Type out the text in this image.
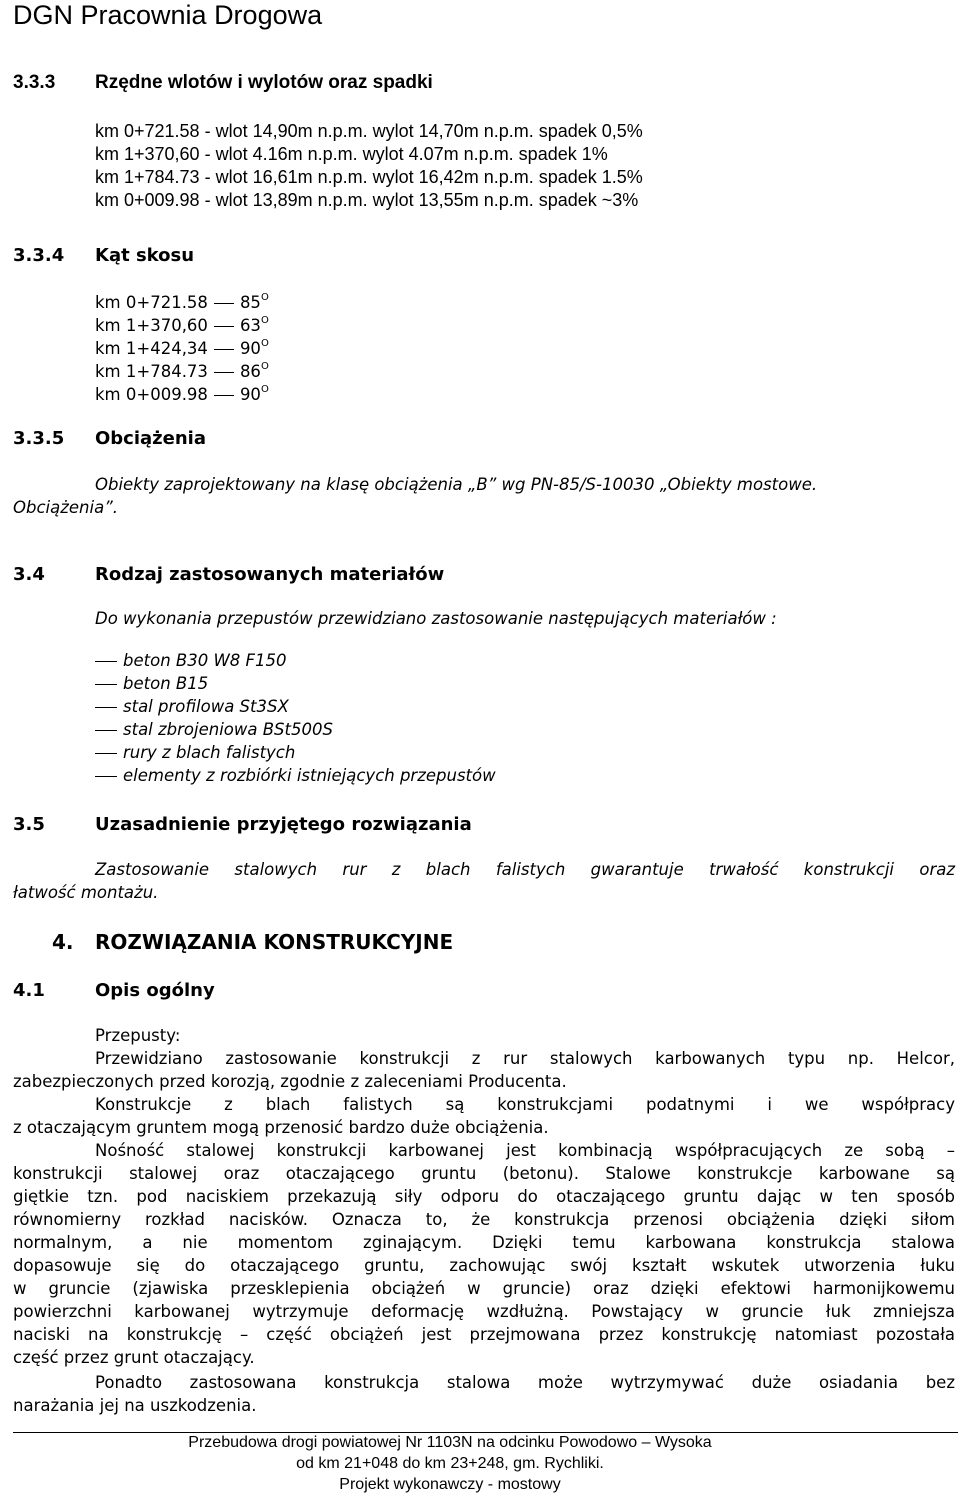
DGN Pracownia Drogowa
3.3.3 Rzędne wlotów i wylotów oraz spadki
km 0+721.58 - wlot 14,90m n.p.m. wylot 14,70m n.p.m. spadek 0,5%
km 1+370,60 - wlot 4.16m n.p.m. wylot 4.07m n.p.m. spadek 1%
km 1+784.73 - wlot 16,61m n.p.m. wylot 16,42m n.p.m. spadek 1.5%
km 0+009.98 - wlot 13,89m n.p.m. wylot 13,55m n.p.m. spadek ~3%
3.3.4 Kąt skosu
km 0+721.58 $85^O$
km 1+370,60 $63^O$
km 1+424,34 $90^O$
km 1+784.73 $86^O$
km 0+009.98 $90^O$
3.3.5 Obciążenia
Obiekty zaprojektowany na klasę obciążenia „B” wg PN-85/S-10030 „Obiekty mostowe.
Obciążenia”.
3.4	Rodzaj zastosowanych materiałów
Do wykonania przepustów przewidziano zastosowanie następujących materiałów :
beton B30 W8 F150
beton B15
stal profilowa St3SX
stal zbrojeniowa BSt500S
rury z blach falistych
elementy z rozbiórki istniejących przepustów
3.5	Uzasadnienie przyjętego rozwiązania
Zastosowanie stalowych rur z blach falistych gwarantuje trwałość konstrukcji oraz
łatwość montażu.
4. ROZWIĄZANIA KONSTRUKCYJNE
4.1	Opis ogólny
Przepusty:
Przewidziano zastosowanie konstrukcji z rur stalowych karbowanych typu np. Helcor,
zabezpieczonych przed korozją, zgodnie z zaleceniami Producenta.
Konstrukcje z blach falistych są konstrukcjami podatnymi i we współpracy
z otaczającym gruntem mogą przenosić bardzo duże obciążenia.
Nośność stalowej konstrukcji karbowanej jest kombinacją współpracujących ze sobą –
konstrukcji stalowej oraz otaczającego gruntu (betonu). Stalowe konstrukcje karbowane są
giętkie tzn. pod naciskiem przekazują siły odporu do otaczającego gruntu dając w ten sposób
równomierny rozkład nacisków. Oznacza to, że konstrukcja przenosi obciążenia dzięki siłom
normalnym, a nie momentom zginającym. Dzięki temu karbowana konstrukcja stalowa
dopasowuje się do otaczającego gruntu, zachowując swój kształt wskutek utworzenia łuku
w gruncie (zjawiska przesklepienia obciążeń w gruncie) oraz dzięki efektowi harmonijkowemu
powierzchni karbowanej wytrzymuje deformację wzdłużną. Powstający w gruncie łuk zmniejsza
naciski na konstrukcję – część obciążeń jest przejmowana przez konstrukcję natomiast pozostała
część przez grunt otaczający.
Ponadto zastosowana konstrukcja stalowa może wytrzymywać duże osiadania bez
narażania jej na uszkodzenia.
Przebudowa drogi powiatowej Nr 1103N na odcinku Powodowo – Wysoka
od km 21+048 do km 23+248, gm. Rychliki.
Projekt wykonawczy - mostowy
